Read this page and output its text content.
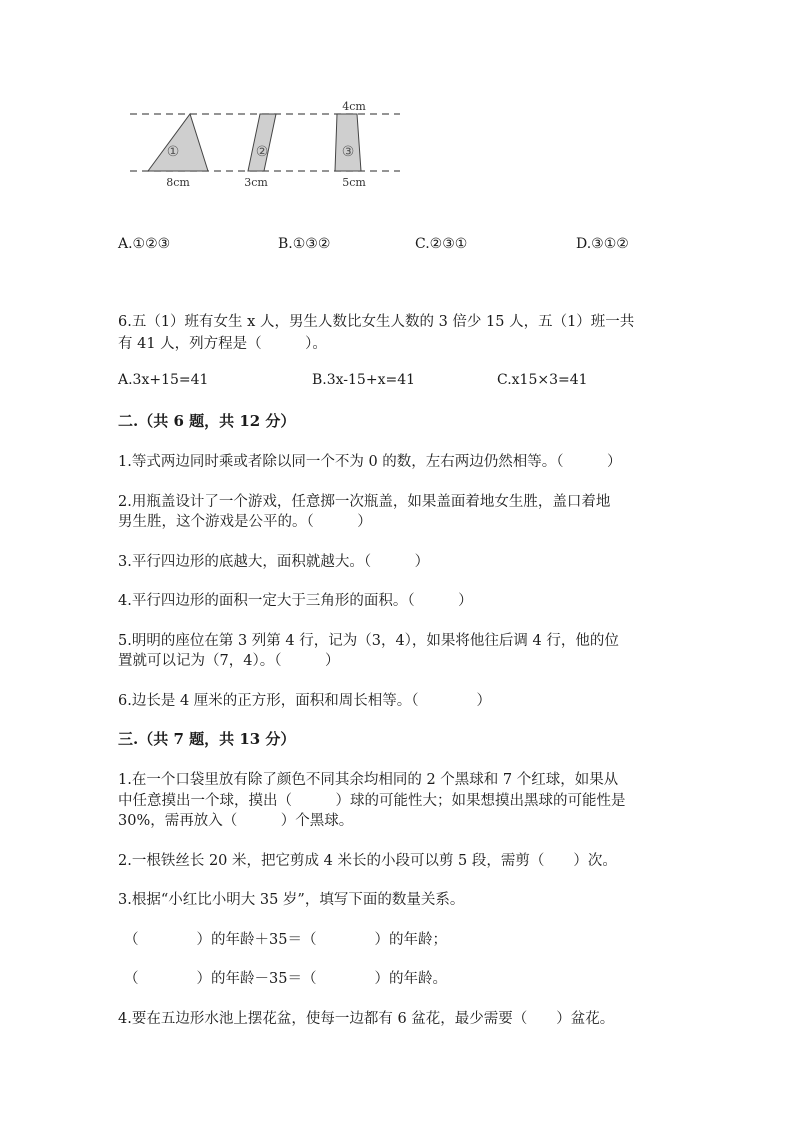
①	②	③
4cm
8cm	3cm	5cm
A.①②③	B.①③②	C.②③①	D.③①②
6.五（1）班有女生 x 人，男生人数比女生人数的 3 倍少 15 人，五（1）班一共
有 41 人，列方程是（　　　）。
A.3x+15=41	B.3x-15+x=41	C.x15×3=41
二.（共 6 题，共 12 分）
1.等式两边同时乘或者除以同一个不为 0 的数，左右两边仍然相等。（　　　）
2.用瓶盖设计了一个游戏，任意掷一次瓶盖，如果盖面着地女生胜，盖口着地
男生胜，这个游戏是公平的。（　　　）
3.平行四边形的底越大，面积就越大。（　　　）
4.平行四边形的面积一定大于三角形的面积。（　　　）
5.明明的座位在第 3 列第 4 行，记为（3，4），如果将他往后调 4 行，他的位
置就可以记为（7，4）。（　　　）
6.边长是 4 厘米的正方形，面积和周长相等。（　　　　）
三.（共 7 题，共 13 分）
1.在一个口袋里放有除了颜色不同其余均相同的 2 个黑球和 7 个红球，如果从
中任意摸出一个球，摸出（　　　）球的可能性大；如果想摸出黑球的可能性是
30%，需再放入（　　　）个黑球。
2.一根铁丝长 20 米，把它剪成 4 米长的小段可以剪 5 段，需剪（　　）次。
3.根据“小红比小明大 35 岁”，填写下面的数量关系。
（　　　　）的年龄＋35＝（　　　　）的年龄；
（　　　　）的年龄－35＝（　　　　）的年龄。
4.要在五边形水池上摆花盆，使每一边都有 6 盆花，最少需要（　　）盆花。
